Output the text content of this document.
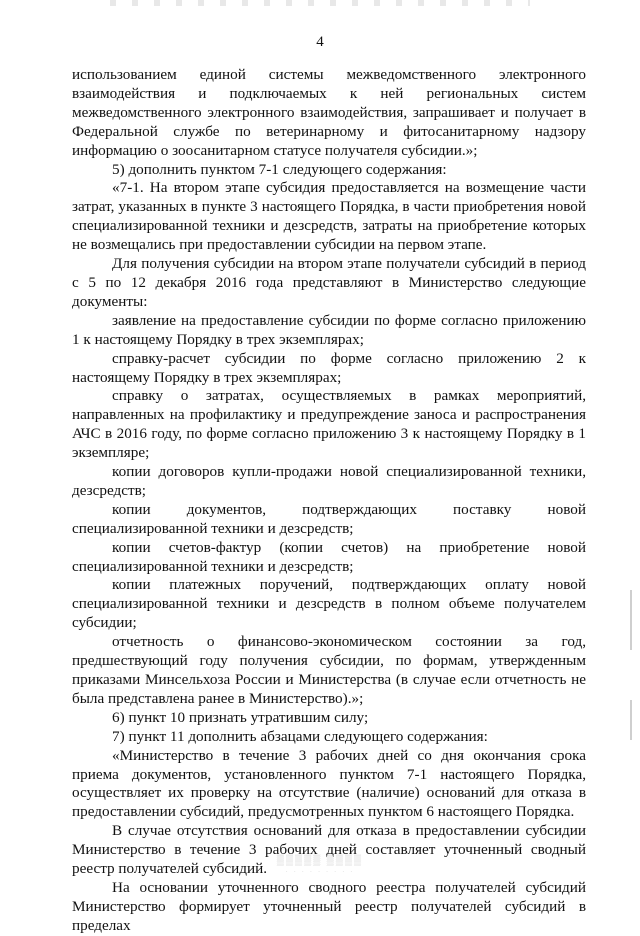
4

использованием единой системы межведомственного электронного взаимодействия и подключаемых к ней региональных систем межведомственного электронного взаимодействия, запрашивает и получает в Федеральной службе по ветеринарному и фитосанитарному надзору информацию о зоосанитарном статусе получателя субсидии.»;

5) дополнить пунктом 7-1 следующего содержания:

«7-1. На втором этапе субсидия предоставляется на возмещение части затрат, указанных в пункте 3 настоящего Порядка, в части приобретения новой специализированной техники и дезсредств, затраты на приобретение которых не возмещались при предоставлении субсидии на первом этапе.

Для получения субсидии на втором этапе получатели субсидий в период с 5 по 12 декабря 2016 года представляют в Министерство следующие документы:

заявление на предоставление субсидии по форме согласно приложению 1 к настоящему Порядку в трех экземплярах;

справку-расчет субсидии по форме согласно приложению 2 к настоящему Порядку в трех экземплярах;

справку о затратах, осуществляемых в рамках мероприятий, направленных на профилактику и предупреждение заноса и распространения АЧС в 2016 году, по форме согласно приложению 3 к настоящему Порядку в 1 экземпляре;

копии договоров купли-продажи новой специализированной техники, дезсредств;

копии документов, подтверждающих поставку новой специализированной техники и дезсредств;

копии счетов-фактур (копии счетов) на приобретение новой специализированной техники и дезсредств;

копии платежных поручений, подтверждающих оплату новой специализированной техники и дезсредств в полном объеме получателем субсидии;

отчетность о финансово-экономическом состоянии за год, предшествующий году получения субсидии, по формам, утвержденным приказами Минсельхоза России и Министерства (в случае если отчетность не была представлена ранее в Министерство).»;

6) пункт 10 признать утратившим силу;

7) пункт 11 дополнить абзацами следующего содержания:

«Министерство в течение 3 рабочих дней со дня окончания срока приема документов, установленного пунктом 7-1 настоящего Порядка, осуществляет их проверку на отсутствие (наличие) оснований для отказа в предоставлении субсидий, предусмотренных пунктом 6 настоящего Порядка.

В случае отсутствия оснований для отказа в предоставлении субсидии Министерство в течение 3 рабочих дней составляет уточненный сводный реестр получателей субсидий.

На основании уточненного сводного реестра получателей субсидий Министерство формирует уточненный реестр получателей субсидий в пределах

▒▒▒▒▒ ▒▒▒▒
· · · · · · · · ·
